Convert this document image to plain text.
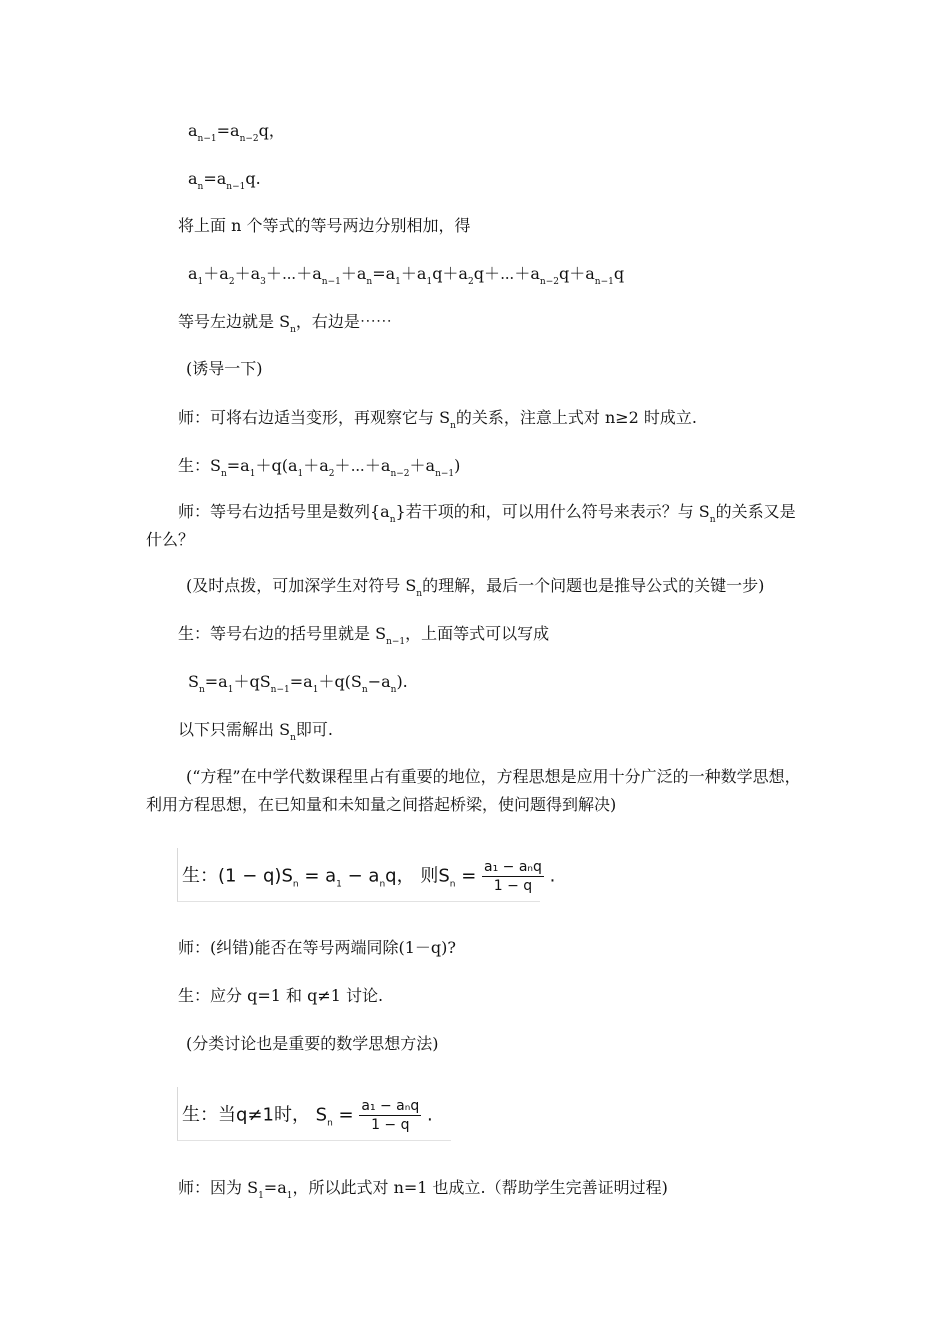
$a_{n-1}=a_{n-2}q$，
$a_n=a_{n-1}q$.
将上面 n 个等式的等号两边分别相加，得
$a_1+a_2+a_3+\cdots+a_{n-1}+a_n=a_1+a_1q+a_2q+\cdots+a_{n-2}q+a_{n-1}q$
等号左边就是 $S_n$，右边是⋯⋯
(诱导一下)
师：可将右边适当变形，再观察它与 $S_n$的关系，注意上式对 n≥2 时成立.
生：$S_n=a_1+q(a_1+a_2+\cdots+a_{n-2}+a_{n-1})$
师：等号右边括号里是数列$\{a_n\}$若干项的和，可以用什么符号来表示？与 $S_n$的关系又是什么？
(及时点拨，可加深学生对符号 $S_n$的理解，最后一个问题也是推导公式的关键一步)
生：等号右边的括号里就是 $S_{n-1}$，上面等式可以写成
$S_n=a_1+qS_{n-1}=a_1+q(S_n-a_n)$.
以下只需解出 $S_n$即可.
(“方程”在中学代数课程里占有重要的地位，方程思想是应用十分广泛的一种数学思想，利用方程思想，在已知量和未知量之间搭起桥梁，使问题得到解决)
生：$(1 - q)S_n = a_1 - a_nq$， 则$S_n = \frac{\text{a₁ − aₙq}}{1 - q}$ .
师：(纠错)能否在等号两端同除(1－q)?
生：应分 q=1 和 q≠1 讨论.
(分类讨论也是重要的数学思想方法)
生：当q≠1时， $S_n = \frac{\text{a₁ − aₙq}}{1 - q}$ .
师：因为 $S_1=a_1$，所以此式对 n=1 也成立.（帮助学生完善证明过程)
